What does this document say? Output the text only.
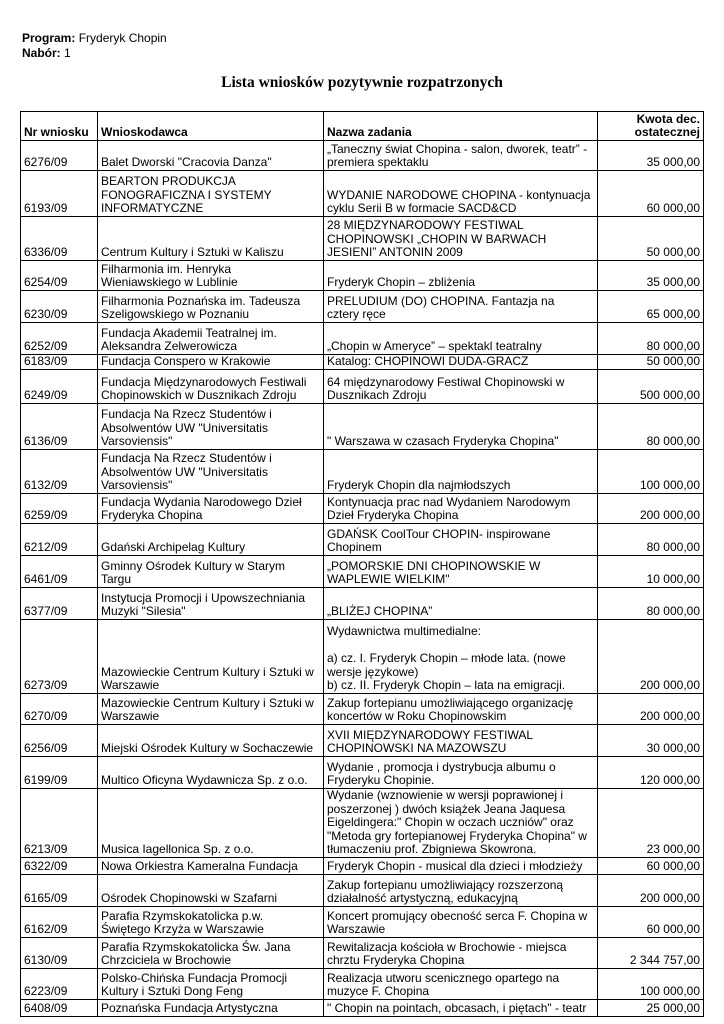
Program: Fryderyk Chopin
Nabór: 1
Lista wniosków pozytywnie rozpatrzonych
Nr wniosku	Wnioskodawca	Nazwa zadania	Kwota dec.
ostatecznej
6276/09	Balet Dworski "Cracovia Danza"	„Taneczny świat Chopina - salon, dworek, teatr” -
premiera spektaklu	35 000,00
6193/09	BEARTON PRODUKCJA
FONOGRAFICZNA I SYSTEMY
INFORMATYCZNE	WYDANIE NARODOWE CHOPINA - kontynuacja
cyklu Serii B w formacie SACD&CD	60 000,00
6336/09	Centrum Kultury i Sztuki w Kaliszu	28 MIĘDZYNARODOWY FESTIWAL
CHOPINOWSKI „CHOPIN W BARWACH
JESIENI” ANTONIN 2009	50 000,00
6254/09	Filharmonia im. Henryka
Wieniawskiego w Lublinie	Fryderyk Chopin – zbliżenia	35 000,00
6230/09	Filharmonia Poznańska im. Tadeusza
Szeligowskiego w Poznaniu	PRELUDIUM (DO) CHOPINA. Fantazja na
cztery ręce	65 000,00
6252/09	Fundacja Akademii Teatralnej im.
Aleksandra Zelwerowicza	„Chopin w Ameryce” – spektakl teatralny	80 000,00
6183/09	Fundacja Conspero w Krakowie	Katalog: CHOPINOWI DUDA-GRACZ	50 000,00
6249/09	Fundacja Międzynarodowych Festiwali
Chopinowskich w Dusznikach Zdroju	64 międzynarodowy Festiwal Chopinowski w
Dusznikach Zdroju	500 000,00
6136/09	Fundacja Na Rzecz Studentów i
Absolwentów UW "Universitatis
Varsoviensis"	" Warszawa w czasach Fryderyka Chopina"	80 000,00
6132/09	Fundacja Na Rzecz Studentów i
Absolwentów UW "Universitatis
Varsoviensis"	Fryderyk Chopin dla najmłodszych	100 000,00
6259/09	Fundacja Wydania Narodowego Dzieł
Fryderyka Chopina	Kontynuacja prac nad Wydaniem Narodowym
Dzieł Fryderyka Chopina	200 000,00
6212/09	Gdański Archipelag Kultury	GDAŃSK CoolTour CHOPIN- inspirowane
Chopinem	80 000,00
6461/09	Gminny Ośrodek Kultury w Starym
Targu	„POMORSKIE DNI CHOPINOWSKIE W
WAPLEWIE WIELKIM"	10 000,00
6377/09	Instytucja Promocji i Upowszechniania
Muzyki "Silesia"	„BLIŻEJ CHOPINA”	80 000,00
6273/09	Mazowieckie Centrum Kultury i Sztuki w
Warszawie	Wydawnictwa multimedialne:

a) cz. I. Fryderyk Chopin – młode lata. (nowe
wersje językowe)
b) cz. II. Fryderyk Chopin – lata na emigracji.	200 000,00
6270/09	Mazowieckie Centrum Kultury i Sztuki w
Warszawie	Zakup fortepianu umożliwiającego organizację
koncertów w Roku Chopinowskim	200 000,00
6256/09	Miejski Ośrodek Kultury w Sochaczewie	XVII MIĘDZYNARODOWY FESTIWAL
CHOPINOWSKI NA MAZOWSZU	30 000,00
6199/09	Multico Oficyna Wydawnicza Sp. z o.o.	Wydanie , promocja i dystrybucja albumu o
Fryderyku Chopinie.	120 000,00
6213/09	Musica Iagellonica Sp. z o.o.	Wydanie (wznowienie w wersji poprawionej i
poszerzonej ) dwóch książek Jeana Jaquesa
Eigeldingera:" Chopin w oczach uczniów" oraz
"Metoda gry fortepianowej Fryderyka Chopina" w
tłumaczeniu prof. Zbigniewa Skowrona.	23 000,00
6322/09	Nowa Orkiestra Kameralna Fundacja	Fryderyk Chopin - musical dla dzieci i młodzieży	60 000,00
6165/09	Ośrodek Chopinowski w Szafarni	Zakup fortepianu umożliwiający rozszerzoną
działalność artystyczną, edukacyjną	200 000,00
6162/09	Parafia Rzymskokatolicka p.w.
Świętego Krzyża w Warszawie	Koncert promujący obecność serca F. Chopina w
Warszawie	60 000,00
6130/09	Parafia Rzymskokatolicka Św. Jana
Chrzciciela w Brochowie	Rewitalizacja kościoła w Brochowie - miejsca
chrztu Fryderyka Chopina	2 344 757,00
6223/09	Polsko-Chińska Fundacja Promocji
Kultury i Sztuki Dong Feng	Realizacja utworu scenicznego opartego na
muzyce F. Chopina	100 000,00
6408/09	Poznańska Fundacja Artystyczna	" Chopin na pointach, obcasach, i piętach" - teatr	25 000,00
